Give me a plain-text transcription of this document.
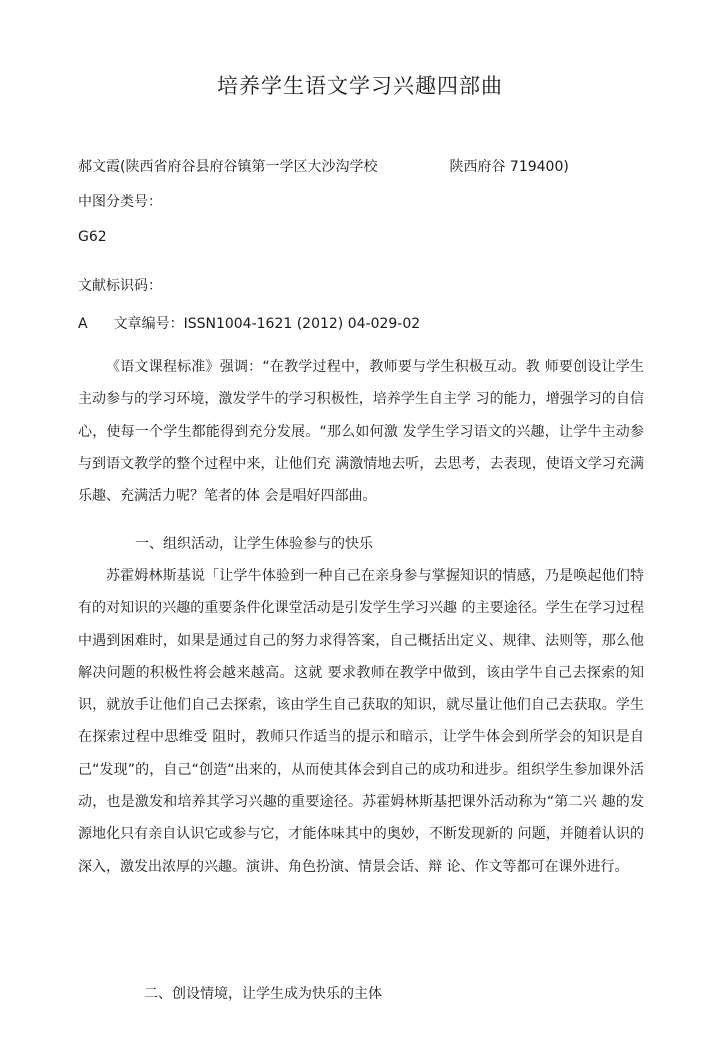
培养学生语文学习兴趣四部曲
郝文霞(陕西省府谷县府谷镇第一学区大沙沟学校	陕西府谷 719400)
中图分类号：
G62
文献标识码：
A 文章编号：ISSN1004-1621 (2012) 04-029-02

《语文课程标准》强调：“在教学过程中，教师要与学生积极互动。教 师要创设让学生主动参与的学习环境，激发学牛的学习积极性，培养学生自主学 习的能力，增强学习的自信心，使每一个学生都能得到充分发展。“那么如何激 发学生学习语文的兴趣，让学牛主动参与到语文教学的整个过程中来，让他们充 满激情地去听，去思考，去表现，使语文学习充满乐趣、充满活力呢？笔者的体 会是唱好四部曲。

一、组织活动，让学生体验参与的快乐

苏霍姆林斯基说「让学牛体验到一种自己在亲身参与掌握知识的情感，乃是唤起他们特有的对知识的兴趣的重要条件化课堂活动是引发学生学习兴趣 的主要途径。学生在学习过程中遇到困难时，如果是通过自己的努力求得答案，自己概括出定义、规律、法则等，那么他解决问题的积极性将会越来越高。这就 要求教师在教学中做到，该由学牛自己去探索的知识，就放手让他们自己去探索，该由学生自己获取的知识，就尽量让他们自己去获取。学生在探索过程中思维受 阻时，教师只作适当的提示和暗示，让学牛体会到所学会的知识是自己“发现”的，自己“创造“出来的，从而使其体会到自己的成功和进步。组织学生参加课外活动，也是激发和培养其学习兴趣的重要途径。苏霍姆林斯基把课外活动称为“第二兴 趣的发源地化只有亲自认识它或参与它，才能体味其中的奥妙，不断发现新的 问题，并随着认识的深入，激发出浓厚的兴趣。演讲、角色扮演、情景会话、辩 论、作文等都可在课外进行。

二、创设情境，让学生成为快乐的主体
